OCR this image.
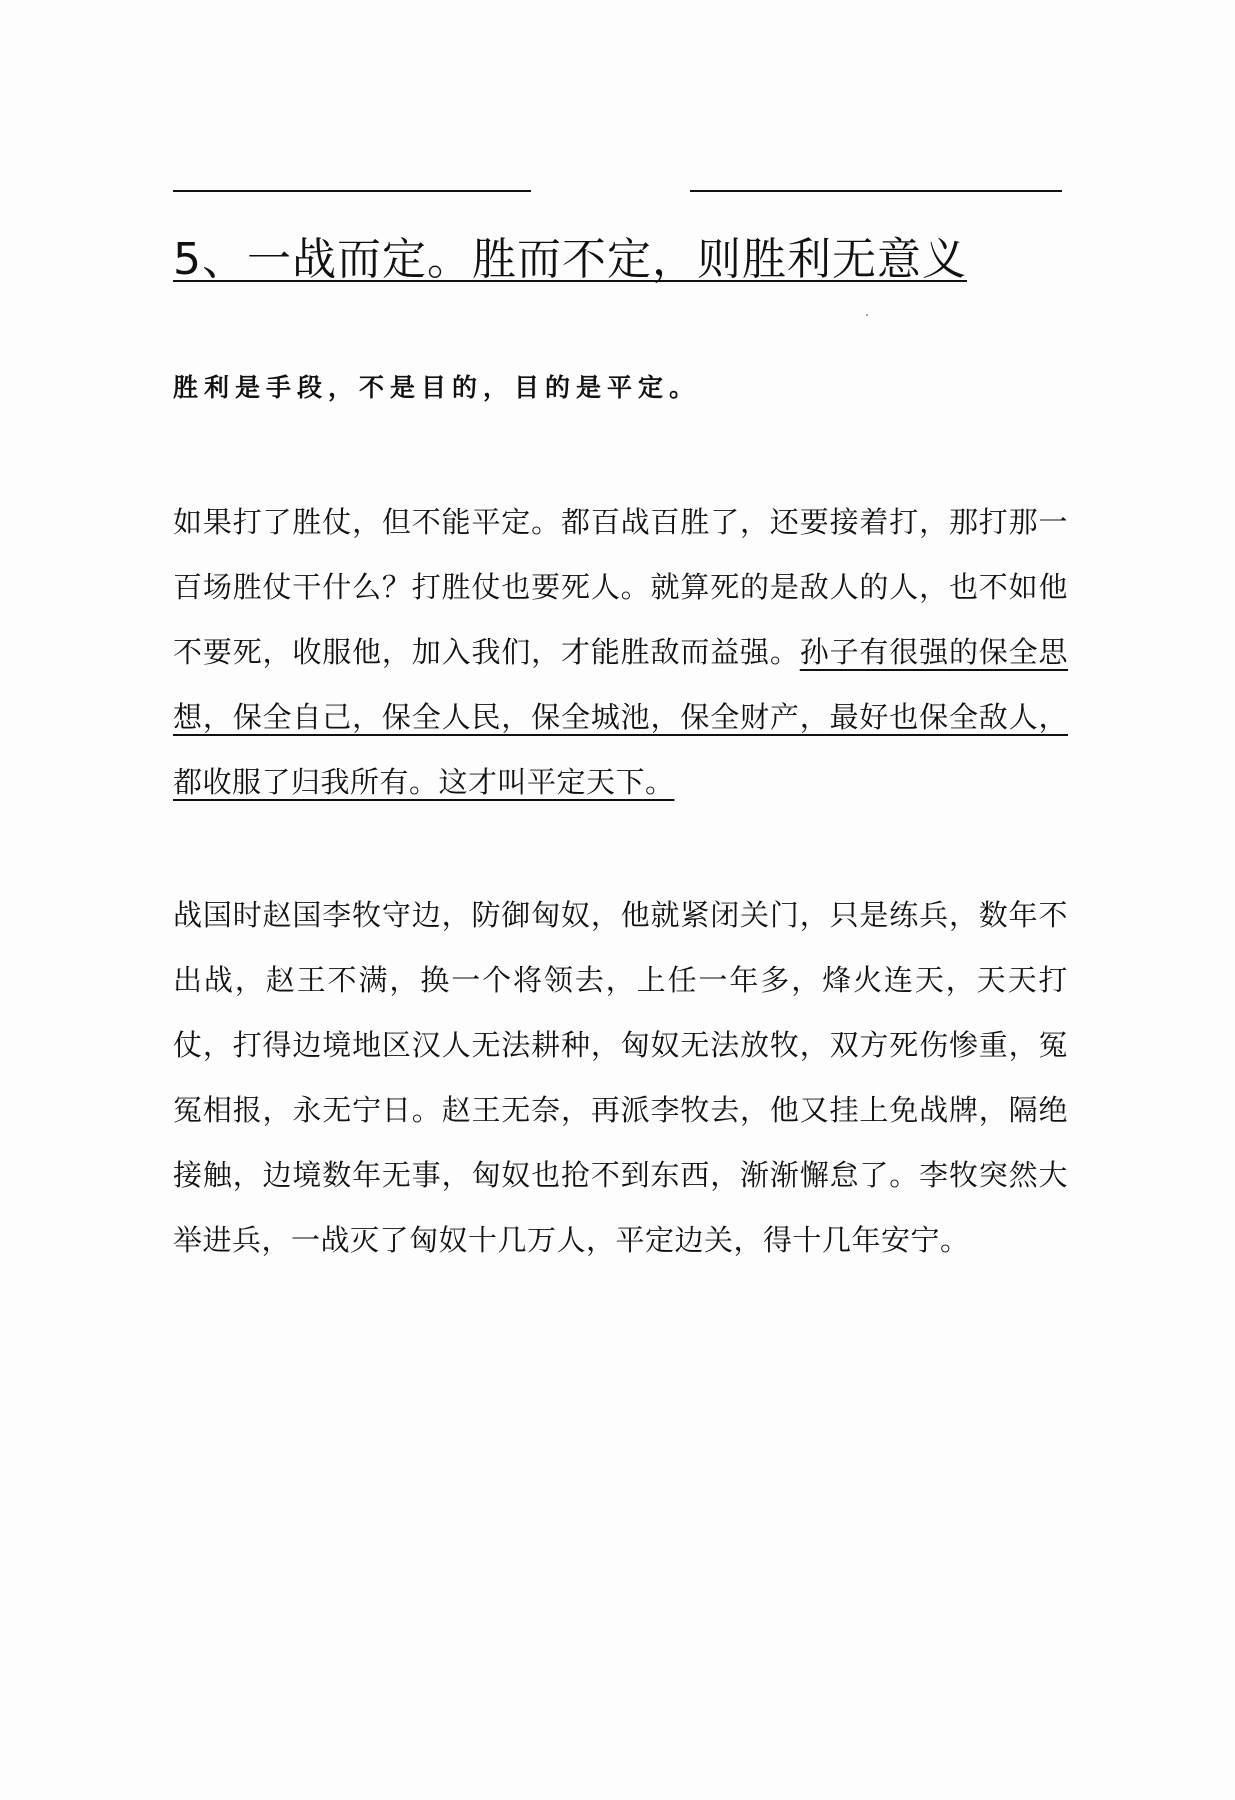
5、一战而定。胜而不定，则胜利无意义

胜利是手段，不是目的，目的是平定。

如果打了胜仗，但不能平定。都百战百胜了，还要接着打，那打那一百场胜仗干什么？打胜仗也要死人。就算死的是敌人的人，也不如他不要死，收服他，加入我们，才能胜敌而益强。孙子有很强的保全思想，保全自己，保全人民，保全城池，保全财产，最好也保全敌人，都收服了归我所有。这才叫平定天下。

战国时赵国李牧守边，防御匈奴，他就紧闭关门，只是练兵，数年不出战，赵王不满，换一个将领去，上任一年多，烽火连天，天天打仗，打得边境地区汉人无法耕种，匈奴无法放牧，双方死伤惨重，冤冤相报，永无宁日。赵王无奈，再派李牧去，他又挂上免战牌，隔绝接触，边境数年无事，匈奴也抢不到东西，渐渐懈怠了。李牧突然大举进兵，一战灭了匈奴十几万人，平定边关，得十几年安宁。
